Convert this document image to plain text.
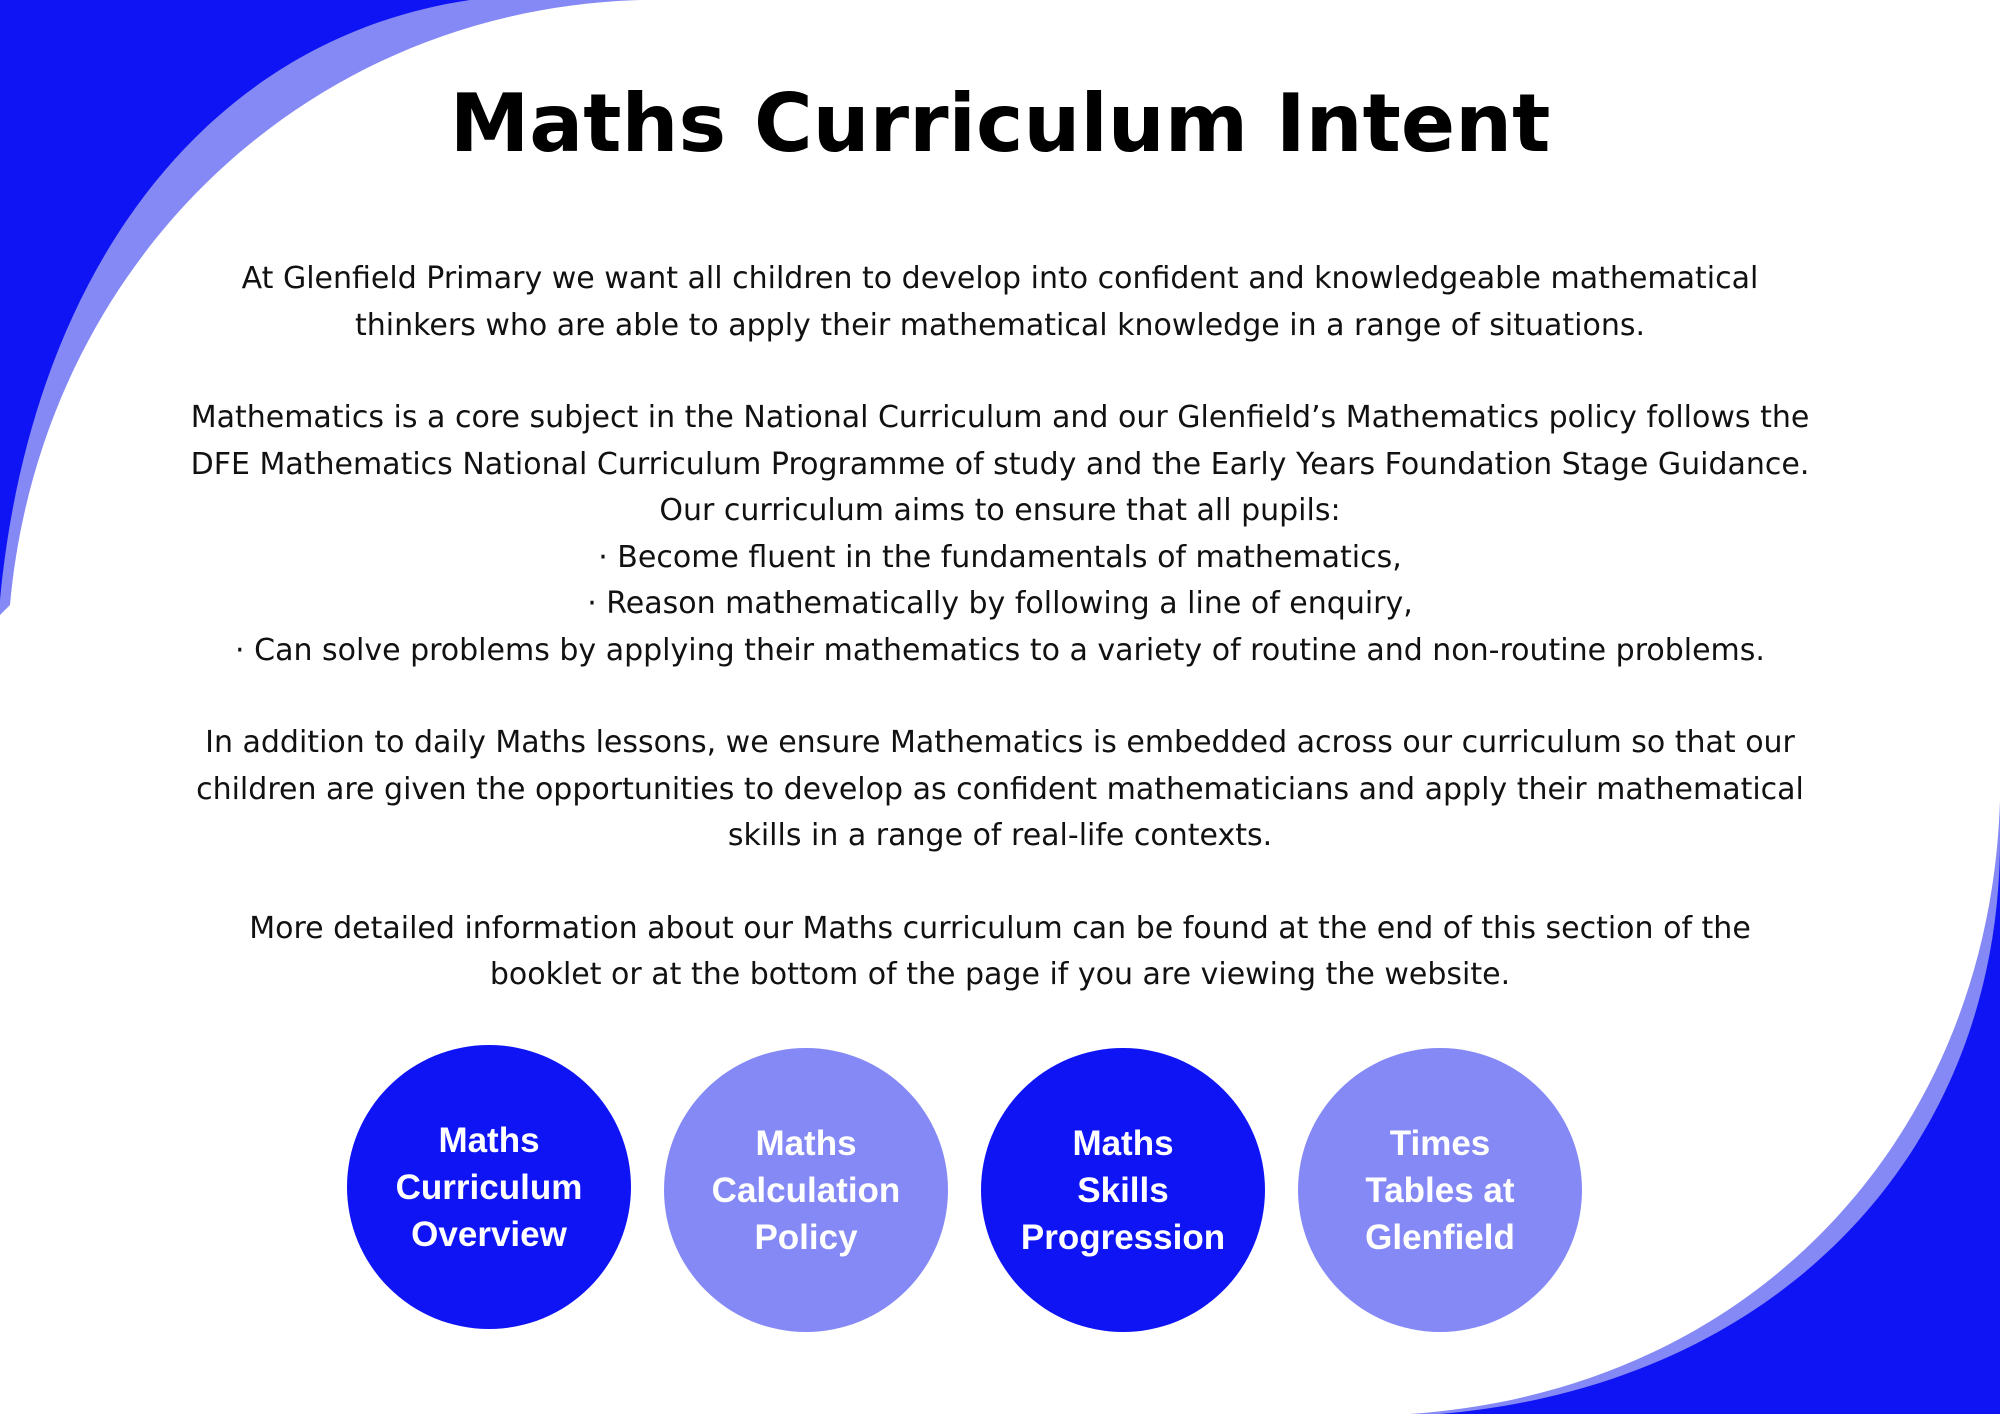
Maths Curriculum Intent
At Glenfield Primary we want all children to develop into confident and knowledgeable mathematical
thinkers who are able to apply their mathematical knowledge in a range of situations.
Mathematics is a core subject in the National Curriculum and our Glenfield’s Mathematics policy follows the
DFE Mathematics National Curriculum Programme of study and the Early Years Foundation Stage Guidance.
Our curriculum aims to ensure that all pupils:
· Become fluent in the fundamentals of mathematics,
· Reason mathematically by following a line of enquiry,
· Can solve problems by applying their mathematics to a variety of routine and non-routine problems.
In addition to daily Maths lessons, we ensure Mathematics is embedded across our curriculum so that our
children are given the opportunities to develop as confident mathematicians and apply their mathematical
skills in a range of real-life contexts.
More detailed information about our Maths curriculum can be found at the end of this section of the
booklet or at the bottom of the page if you are viewing the website.
Maths
Curriculum
Overview
Maths
Calculation
Policy
Maths
Skills
Progression
Times
Tables at
Glenfield
